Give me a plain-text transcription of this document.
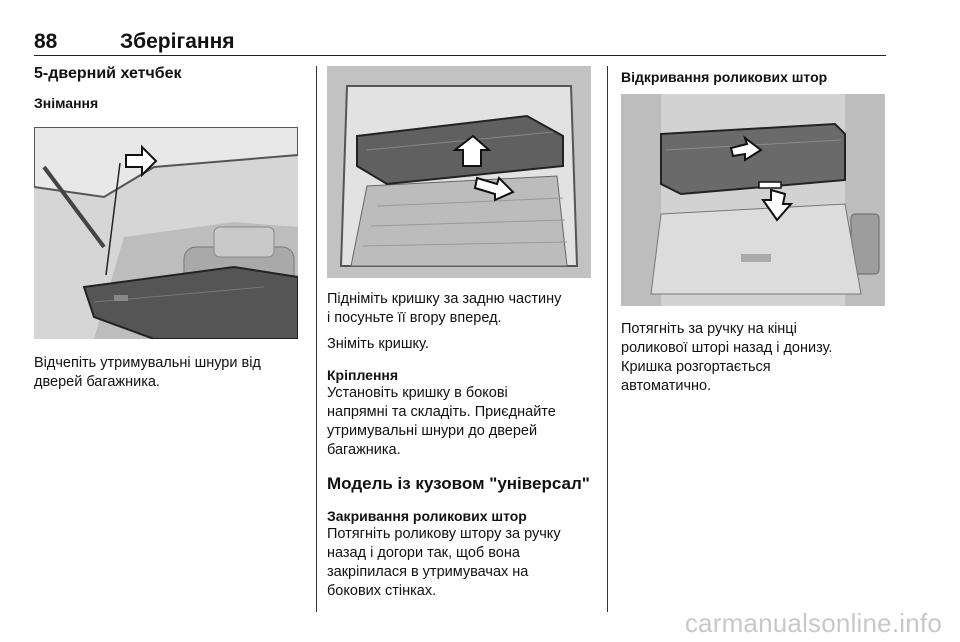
88	Зберігання
5-дверний хетчбек
Знімання

Відчепіть утримувальні шнури від

дверей багажника.

Підніміть кришку за задню частину

і посуньте її вгору вперед.

Зніміть кришку.

Кріплення

Установіть кришку в бокові

напрямні та складіть. Приєднайте

утримувальні шнури до дверей

багажника.

Модель із кузовом "універсал"
Закривання роликових штор

Потягніть роликову штору за ручку

назад і догори так, щоб вона

закріпилася в утримувачах на

бокових стінках.

Відкривання роликових штор

Потягніть за ручку на кінці

роликової шторi назад і донизу.

Кришка розгортається

автоматично.

carmanualsonline.info
